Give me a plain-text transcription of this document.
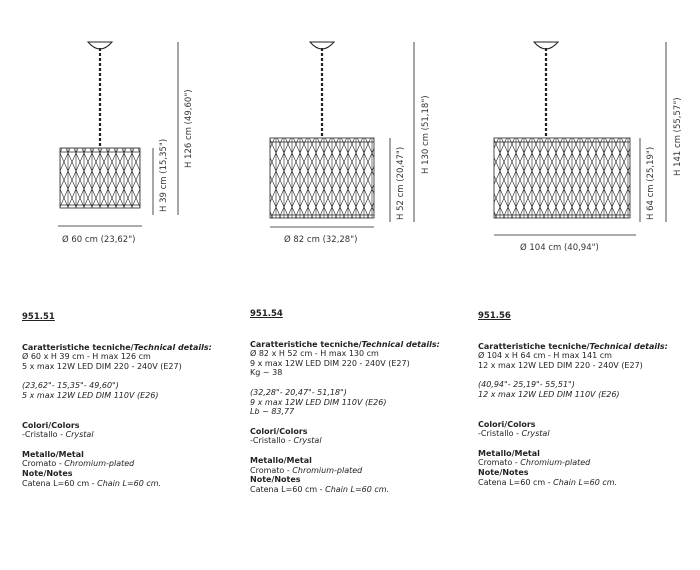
Ø 60 cm (23,62")
H 39 cm (15,35")
H 126 cm (49,60")
Ø 82 cm (32,28")
H 52 cm (20,47")
H 130 cm (51,18")
Ø 104 cm (40,94")
H 64 cm (25,19")
H 141 cm (55,57")
951.51
Caratteristiche tecniche/Technical details:
Ø 60 x H 39 cm - H max 126 cm
5 x max 12W LED DIM 220 - 240V (E27)
(23,62"- 15,35"- 49,60")
5 x max 12W LED DIM 110V (E26)
Colori/Colors
-Cristallo - Crystal
Metallo/Metal
Cromato - Chromium-plated
Note/Notes
Catena L=60 cm - Chain L=60 cm.
951.54
Caratteristiche tecniche/Technical details:
Ø 82 x H 52 cm - H max 130 cm
9 x max 12W LED DIM 220 - 240V (E27)
Kg ~ 38
(32,28"- 20,47"- 51,18")
9 x max 12W LED DIM 110V (E26)
Lb ~ 83,77
Colori/Colors
-Cristallo - Crystal
Metallo/Metal
Cromato - Chromium-plated
Note/Notes
Catena L=60 cm - Chain L=60 cm.
951.56
Caratteristiche tecniche/Technical details:
Ø 104 x H 64 cm - H max 141 cm
12 x max 12W LED DIM 220 - 240V (E27)
(40,94"- 25,19"- 55,51")
12 x max 12W LED DIM 110V (E26)
Colori/Colors
-Cristallo - Crystal
Metallo/Metal
Cromato - Chromium-plated
Note/Notes
Catena L=60 cm - Chain L=60 cm.
